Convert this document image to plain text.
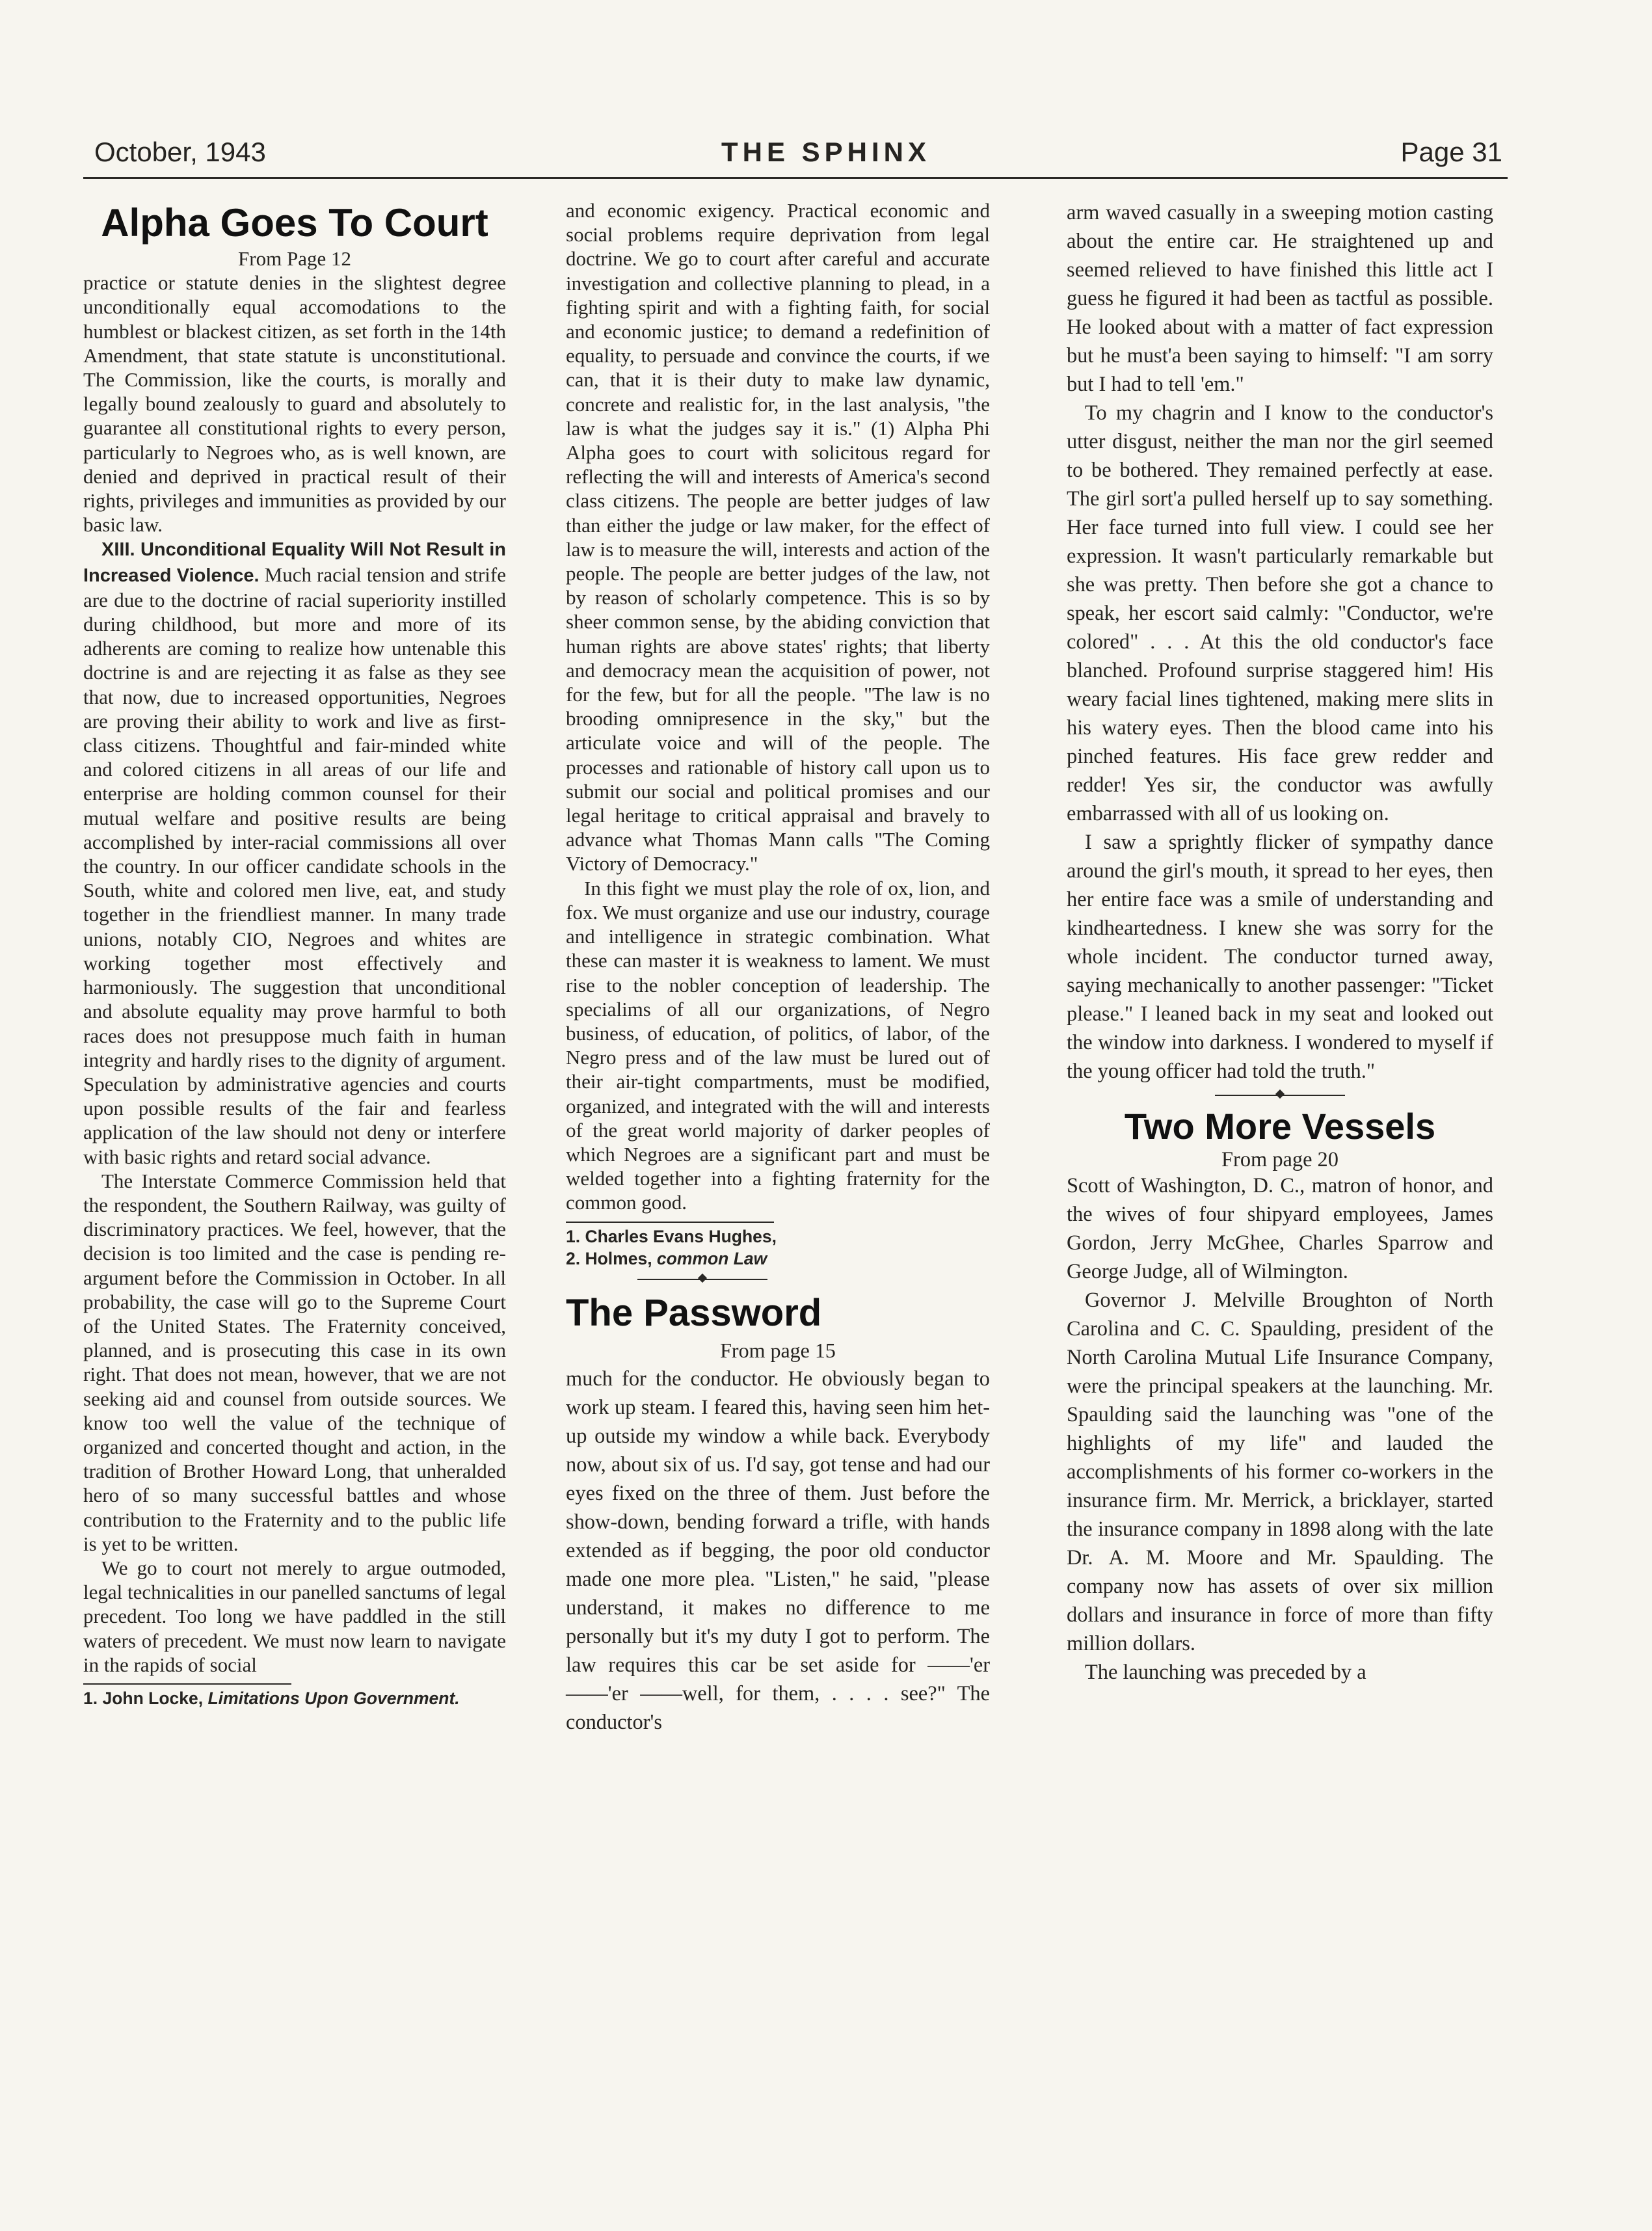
October, 1943	THE SPHINX	Page 31
Alpha Goes To Court

From Page 12

practice or statute denies in the slightest degree unconditionally equal accomodations to the humblest or blackest citizen, as set forth in the 14th Amendment, that state statute is unconstitutional. The Commission, like the courts, is morally and legally bound zealously to guard and absolutely to guarantee all constitutional rights to every person, particularly to Negroes who, as is well known, are denied and deprived in practical result of their rights, privileges and immunities as provided by our basic law.

XIII. Unconditional Equality Will Not Result in Increased Violence. Much racial tension and strife are due to the doctrine of racial superiority instilled during childhood, but more and more of its adherents are coming to realize how untenable this doctrine is and are rejecting it as false as they see that now, due to increased opportunities, Negroes are proving their ability to work and live as first-class citizens. Thoughtful and fair-minded white and colored citizens in all areas of our life and enterprise are holding common counsel for their mutual welfare and positive results are being accomplished by inter-racial commissions all over the country. In our officer candidate schools in the South, white and colored men live, eat, and study together in the friendliest manner. In many trade unions, notably CIO, Negroes and whites are working together most effectively and harmoniously. The suggestion that unconditional and absolute equality may prove harmful to both races does not presuppose much faith in human integrity and hardly rises to the dignity of argument. Speculation by administrative agencies and courts upon possible results of the fair and fearless application of the law should not deny or interfere with basic rights and retard social advance.

The Interstate Commerce Commission held that the respondent, the Southern Railway, was guilty of discriminatory practices. We feel, however, that the decision is too limited and the case is pending re-argument before the Commission in October. In all probability, the case will go to the Supreme Court of the United States. The Fraternity conceived, planned, and is prosecuting this case in its own right. That does not mean, however, that we are not seeking aid and counsel from outside sources. We know too well the value of the technique of organized and concerted thought and action, in the tradition of Brother Howard Long, that unheralded hero of so many successful battles and whose contribution to the Fraternity and to the public life is yet to be written.

We go to court not merely to argue outmoded, legal technicalities in our panelled sanctums of legal precedent. Too long we have paddled in the still waters of precedent. We must now learn to navigate in the rapids of social

1. John Locke, Limitations Upon Government.

and economic exigency. Practical economic and social problems require deprivation from legal doctrine. We go to court after careful and accurate investigation and collective planning to plead, in a fighting spirit and with a fighting faith, for social and economic justice; to demand a redefinition of equality, to persuade and convince the courts, if we can, that it is their duty to make law dynamic, concrete and realistic for, in the last analysis, "the law is what the judges say it is." (1) Alpha Phi Alpha goes to court with solicitous regard for reflecting the will and interests of America's second class citizens. The people are better judges of law than either the judge or law maker, for the effect of law is to measure the will, interests and action of the people. The people are better judges of the law, not by reason of scholarly competence. This is so by sheer common sense, by the abiding conviction that human rights are above states' rights; that liberty and democracy mean the acquisition of power, not for the few, but for all the people. "The law is no brooding omnipresence in the sky," but the articulate voice and will of the people. The processes and rationable of history call upon us to submit our social and political promises and our legal heritage to critical appraisal and bravely to advance what Thomas Mann calls "The Coming Victory of Democracy."

In this fight we must play the role of ox, lion, and fox. We must organize and use our industry, courage and intelligence in strategic combination. What these can master it is weakness to lament. We must rise to the nobler conception of leadership. The specialims of all our organizations, of Negro business, of education, of politics, of labor, of the Negro press and of the law must be lured out of their air-tight compartments, must be modified, organized, and integrated with the will and interests of the great world majority of darker peoples of which Negroes are a significant part and must be welded together into a fighting fraternity for the common good.

1. Charles Evans Hughes,

2. Holmes, common Law

The Password

From page 15

much for the conductor. He obviously began to work up steam. I feared this, having seen him het-up outside my window a while back. Everybody now, about six of us. I'd say, got tense and had our eyes fixed on the three of them. Just before the show-down, bending forward a trifle, with hands extended as if begging, the poor old conductor made one more plea. "Listen," he said, "please understand, it makes no difference to me personally but it's my duty I got to perform. The law requires this car be set aside for ——'er ——'er ——well, for them, . . . . see?" The conductor's

arm waved casually in a sweeping motion casting about the entire car. He straightened up and seemed relieved to have finished this little act I guess he figured it had been as tactful as possible. He looked about with a matter of fact expression but he must'a been saying to himself: "I am sorry but I had to tell 'em."

To my chagrin and I know to the conductor's utter disgust, neither the man nor the girl seemed to be bothered. They remained perfectly at ease. The girl sort'a pulled herself up to say something. Her face turned into full view. I could see her expression. It wasn't particularly remarkable but she was pretty. Then before she got a chance to speak, her escort said calmly: "Conductor, we're colored" . . . At this the old conductor's face blanched. Profound surprise staggered him! His weary facial lines tightened, making mere slits in his watery eyes. Then the blood came into his pinched features. His face grew redder and redder! Yes sir, the conductor was awfully embarrassed with all of us looking on.

I saw a sprightly flicker of sympathy dance around the girl's mouth, it spread to her eyes, then her entire face was a smile of understanding and kindheartedness. I knew she was sorry for the whole incident. The conductor turned away, saying mechanically to another passenger: "Ticket please." I leaned back in my seat and looked out the window into darkness. I wondered to myself if the young officer had told the truth."

Two More Vessels

From page 20

Scott of Washington, D. C., matron of honor, and the wives of four shipyard employees, James Gordon, Jerry McGhee, Charles Sparrow and George Judge, all of Wilmington.

Governor J. Melville Broughton of North Carolina and C. C. Spaulding, president of the North Carolina Mutual Life Insurance Company, were the principal speakers at the launching. Mr. Spaulding said the launching was "one of the highlights of my life" and lauded the accomplishments of his former co-workers in the insurance firm. Mr. Merrick, a bricklayer, started the insurance company in 1898 along with the late Dr. A. M. Moore and Mr. Spaulding. The company now has assets of over six million dollars and insurance in force of more than fifty million dollars.

The launching was preceded by a
